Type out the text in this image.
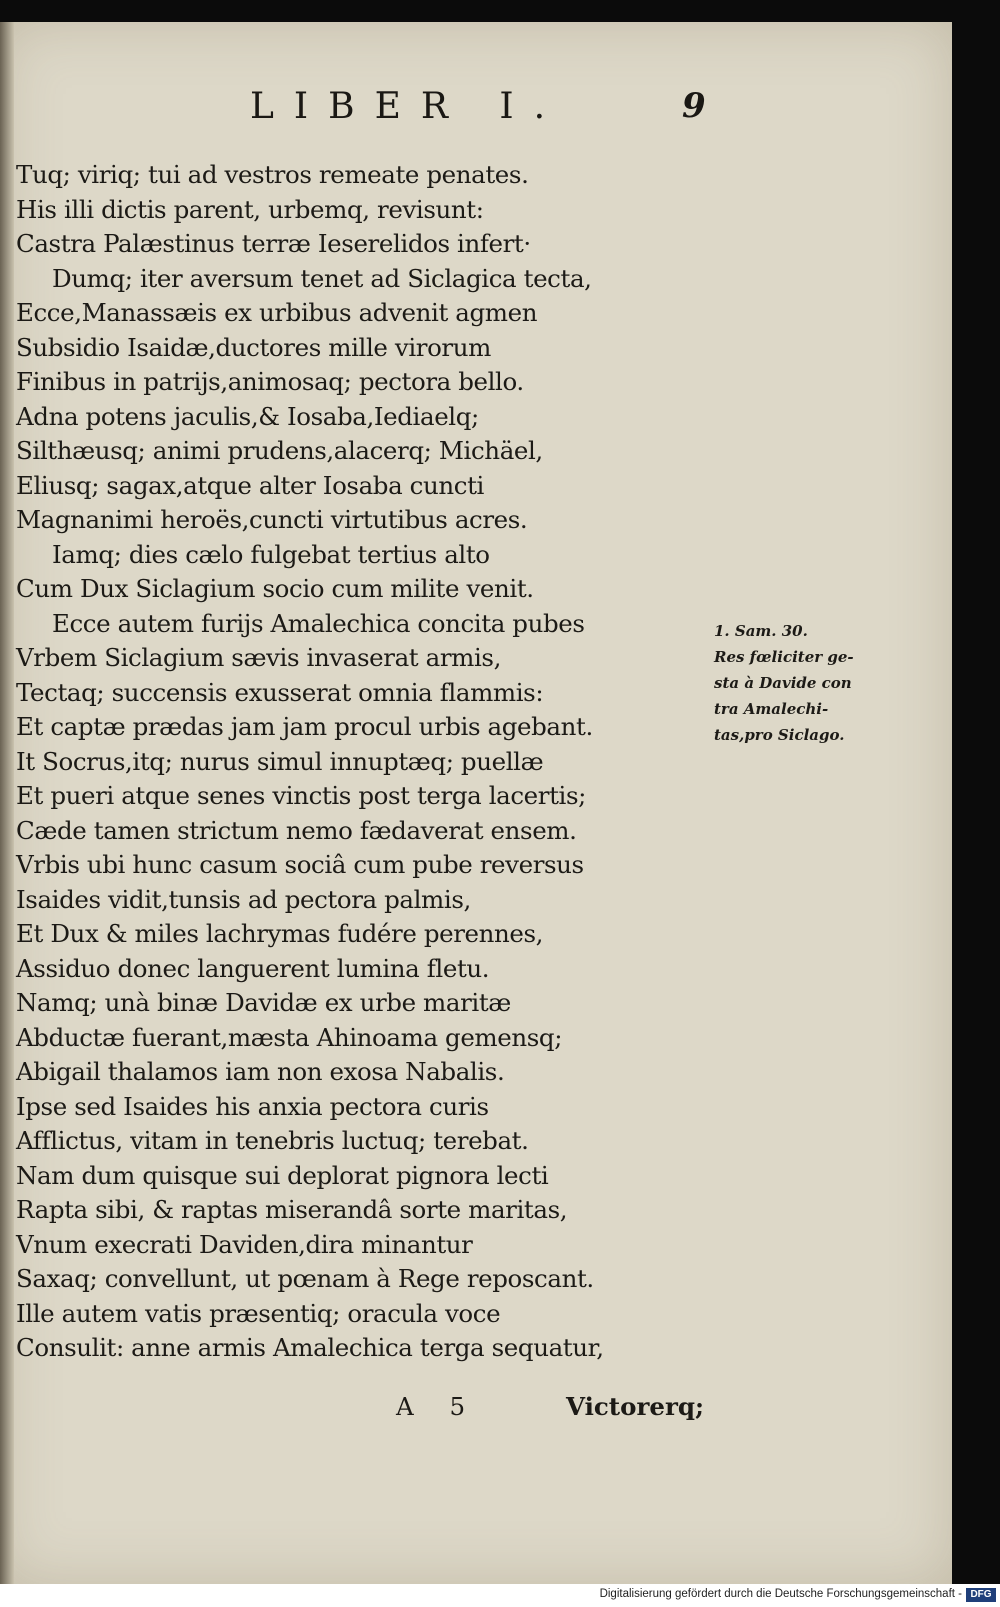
LIBER I.	9
Tuq; viriq; tui ad vestros remeate penates.
His illi dictis parent, urbemq, revisunt:
Castra Palæstinus terræ Ieserelidos infert·
Dumq; iter aversum tenet ad Siclagica tecta,
Ecce,Manassæis ex urbibus advenit agmen
Subsidio Isaidæ,ductores mille virorum
Finibus in patrijs,animosaq; pectora bello.
Adna potens jaculis,& Iosaba,Iediaelq;
Silthæusq; animi prudens,alacerq; Michäel,
Eliusq; sagax,atque alter Iosaba cuncti
Magnanimi heroës,cuncti virtutibus acres.
Iamq; dies cælo fulgebat tertius alto
Cum Dux Siclagium socio cum milite venit.
Ecce autem furijs Amalechica concita pubes
Vrbem Siclagium sævis invaserat armis,
Tectaq; succensis exusserat omnia flammis:
Et captæ prædas jam jam procul urbis agebant.
It Socrus,itq; nurus simul innuptæq; puellæ
Et pueri atque senes vinctis post terga lacertis;
Cæde tamen strictum nemo fædaverat ensem.
Vrbis ubi hunc casum sociâ cum pube reversus
Isaides vidit,tunsis ad pectora palmis,
Et Dux & miles lachrymas fudére perennes,
Assiduo donec languerent lumina fletu.
Namq; unà binæ Davidæ ex urbe maritæ
Abductæ fuerant,mæsta Ahinoama gemensq;
Abigail thalamos iam non exosa Nabalis.
Ipse sed Isaides his anxia pectora curis
Afflictus, vitam in tenebris luctuq; terebat.
Nam dum quisque sui deplorat pignora lecti
Rapta sibi, & raptas miserandâ sorte maritas,
Vnum execrati Daviden,dira minantur
Saxaq; convellunt, ut pœnam à Rege reposcant.
Ille autem vatis præsentiq; oracula voce
Consulit: anne armis Amalechica terga sequatur,
1. Sam. 30.
Res fœliciter ge-
sta à Davide con
tra Amalechi-
tas,pro Siclago.
A 5	Victorerq;
Digitalisierung gefördert durch die Deutsche Forschungsgemeinschaft - DFG
